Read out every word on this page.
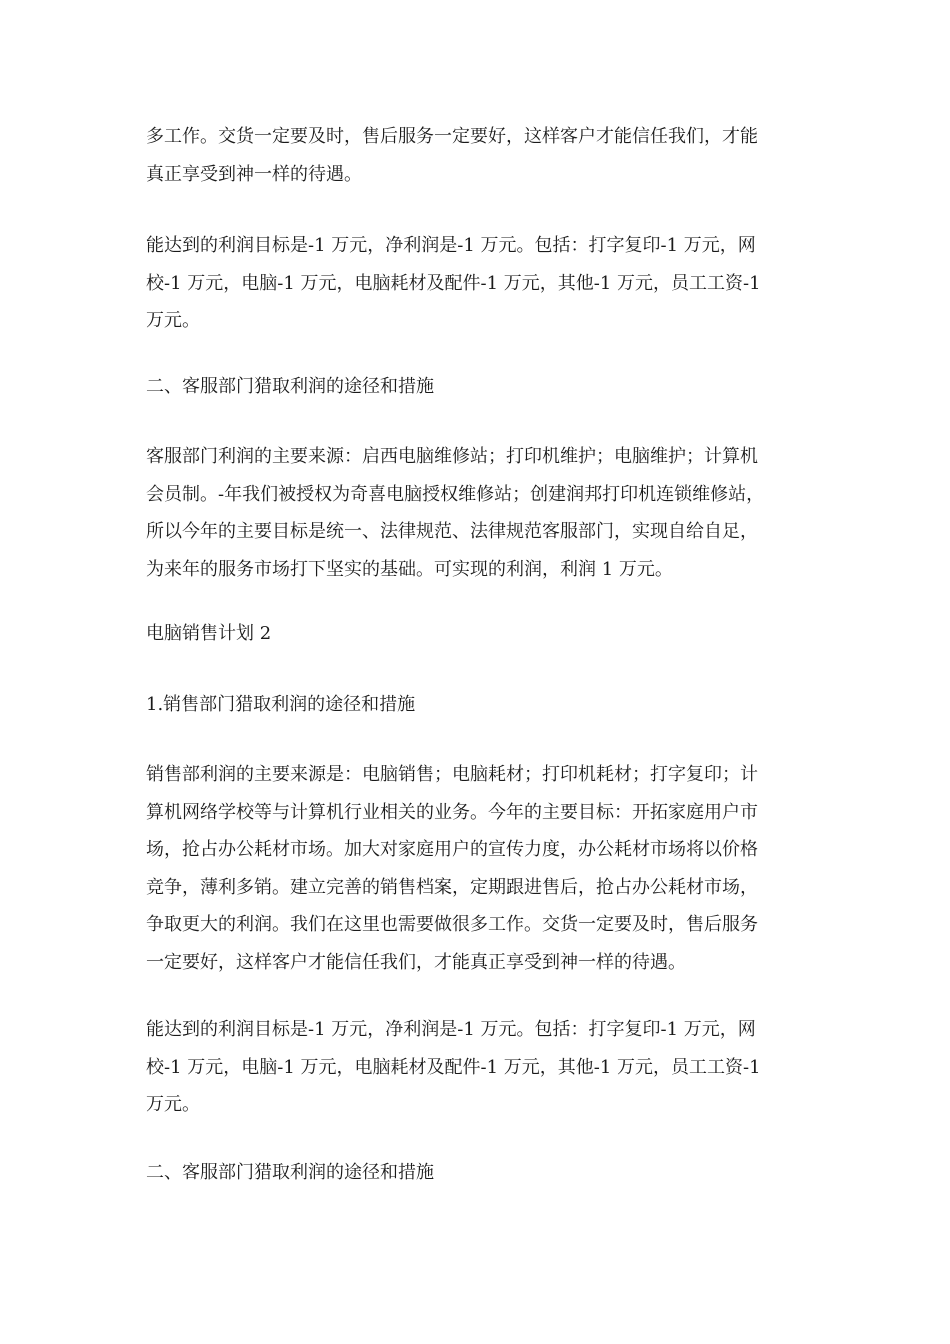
多工作。交货一定要及时，售后服务一定要好，这样客户才能信任我们，才能
真正享受到神一样的待遇。

能达到的利润目标是-1 万元，净利润是-1 万元。包括：打字复印-1 万元，网
校-1 万元，电脑-1 万元，电脑耗材及配件-1 万元，其他-1 万元，员工工资-1
万元。

二、客服部门猎取利润的途径和措施

客服部门利润的主要来源：启西电脑维修站；打印机维护；电脑维护；计算机
会员制。-年我们被授权为奇喜电脑授权维修站；创建润邦打印机连锁维修站，
所以今年的主要目标是统一、法律规范、法律规范客服部门，实现自给自足，
为来年的服务市场打下坚实的基础。可实现的利润，利润 1 万元。

电脑销售计划 2

1.销售部门猎取利润的途径和措施

销售部利润的主要来源是：电脑销售；电脑耗材；打印机耗材；打字复印；计
算机网络学校等与计算机行业相关的业务。今年的主要目标：开拓家庭用户市
场，抢占办公耗材市场。加大对家庭用户的宣传力度，办公耗材市场将以价格
竞争，薄利多销。建立完善的销售档案，定期跟进售后，抢占办公耗材市场，
争取更大的利润。我们在这里也需要做很多工作。交货一定要及时，售后服务
一定要好，这样客户才能信任我们，才能真正享受到神一样的待遇。

能达到的利润目标是-1 万元，净利润是-1 万元。包括：打字复印-1 万元，网
校-1 万元，电脑-1 万元，电脑耗材及配件-1 万元，其他-1 万元，员工工资-1
万元。

二、客服部门猎取利润的途径和措施
